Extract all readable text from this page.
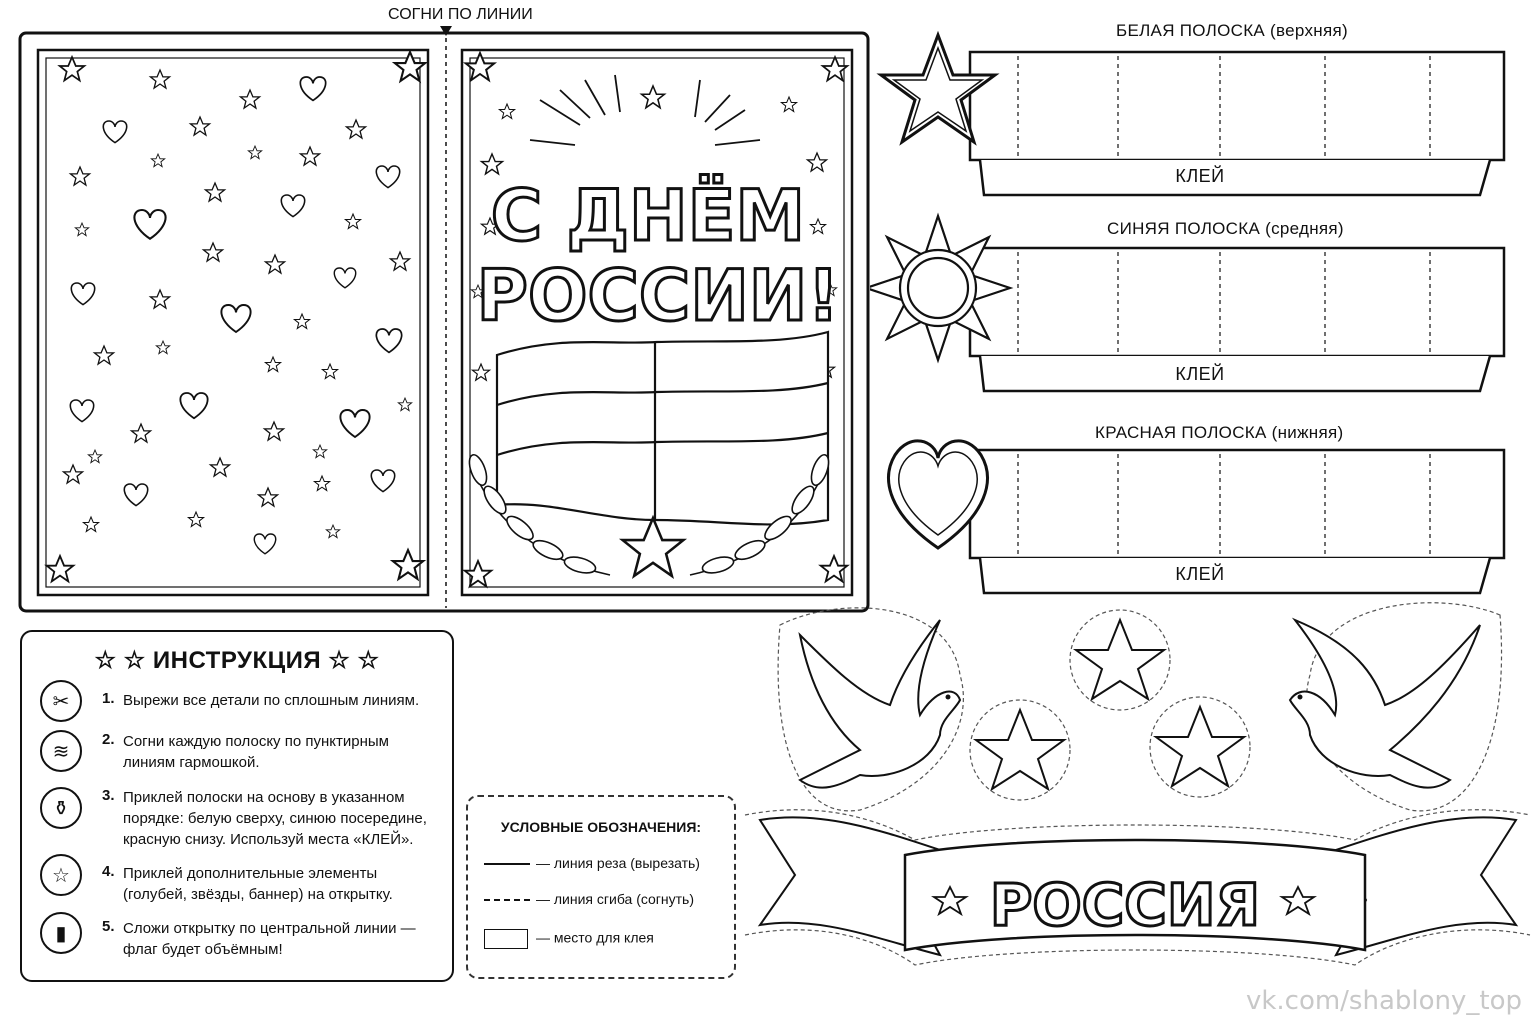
С ДНЁМ
РОССИИ!
СОГНИ ПО ЛИНИИ
БЕЛАЯ ПОЛОСКА (верхняя)
КЛЕЙ
СИНЯЯ ПОЛОСКА (средняя)
КЛЕЙ
КРАСНАЯ ПОЛОСКА (нижняя)
КЛЕЙ
РОССИЯ
☆ ☆ ИНСТРУКЦИЯ ☆ ☆
✂	1. Вырежи все детали по сплошным линиям.
≋
2. Согни каждую полоску по пунктирным линиям гармошкой.
⚱
3. Приклей полоски на основу в указанном порядке: белую сверху, синюю посередине, красную снизу. Используй места «КЛЕЙ».
☆	4. Приклей дополнительные элементы (голубей, звёзды, баннер) на открытку.
▮	5. Сложи открытку по центральной линии — флаг будет объёмным!
УСЛОВНЫЕ ОБОЗНАЧЕНИЯ:
— линия реза (вырезать)
— линия сгиба (согнуть)
— место для клея
vk.com/shablony_top
